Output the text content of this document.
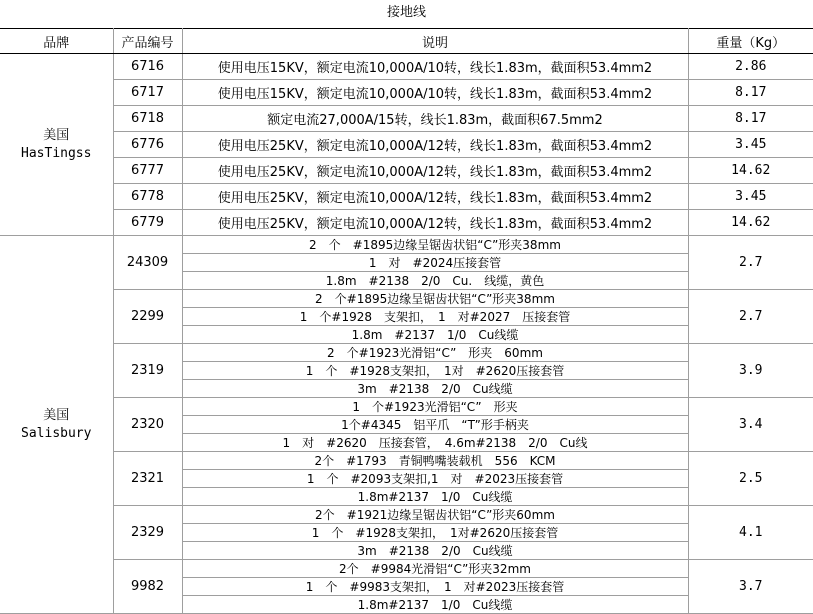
接地线
品牌	产品编号	说明	重量（Kg）

美国
HasTingss	6716	使用电压15KV，额定电流10,000A/10转，线长1.83m，截面积53.4mm2	2.86
	6717	使用电压15KV，额定电流10,000A/10转，线长1.83m，截面积53.4mm2	8.17
	6718	额定电流27,000A/15转，线长1.83m，截面积67.5mm2	8.17
	6776	使用电压25KV，额定电流10,000A/12转，线长1.83m，截面积53.4mm2	3.45
	6777	使用电压25KV，额定电流10,000A/12转，线长1.83m，截面积53.4mm2	14.62
	6778	使用电压25KV，额定电流10,000A/12转，线长1.83m，截面积53.4mm2	3.45
	6779	使用电压25KV，额定电流10,000A/12转，线长1.83m，截面积53.4mm2	14.62

美国
Salisbury	24309	2　个　#1895边缘呈锯齿状铝“C”形夹38mm	2.7
		1　对　#2024压接套管	
		1.8m　#2138　2/0　Cu.　线缆，黄色	
	2299	2　个#1895边缘呈锯齿状铝“C”形夹38mm	2.7
		1　个#1928　支架扣，　1　对#2027　压接套管	
		1.8m　#2137　1/0　Cu线缆	
	2319	2　个#1923光滑铝“C”　形夹　60mm	3.9
		1　个　#1928支架扣，　1对　#2620压接套管	
		3m　#2138　2/0　Cu线缆	
	2320	1　个#1923光滑铝“C”　形夹	3.4
		1个#4345　铝平爪　“T”形手柄夹	
		1　对　#2620　压接套管，　4.6m#2138　2/0　Cu线	
	2321	2个　#1793　青铜鸭嘴装载机　556　KCM	2.5
		1　个　#2093支架扣,1　对　#2023压接套管	
		1.8m#2137　1/0　Cu线缆	
	2329	2个　#1921边缘呈锯齿状铝“C”形夹60mm	4.1
		1　个　#1928支架扣，　1对#2620压接套管	
		3m　#2138　2/0　Cu线缆	
	9982	2个　#9984光滑铝“C”形夹32mm	3.7
		1　个　#9983支架扣，　1　对#2023压接套管	
		1.8m#2137　1/0　Cu线缆	
